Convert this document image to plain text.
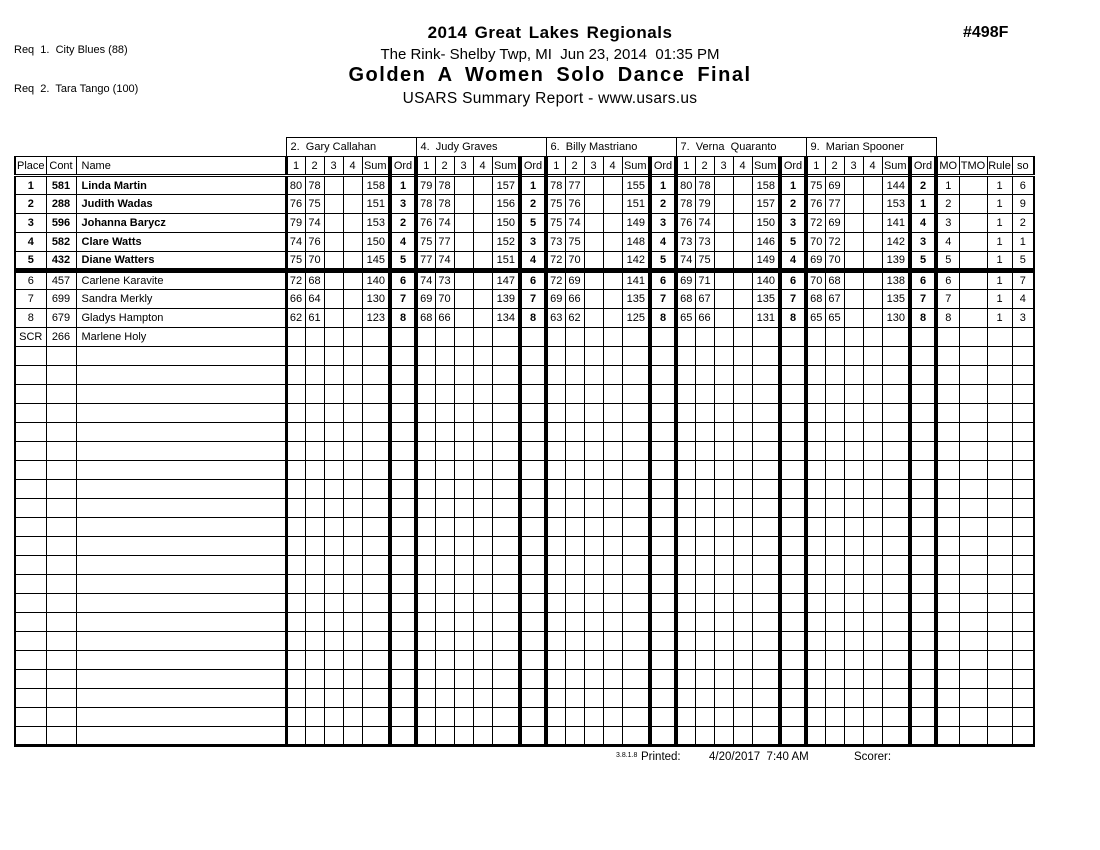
Req  1.  City Blues (88)

Req  2.  Tara Tango (100)

2014 Great Lakes Regionals
The Rink- Shelby Twp, MI  Jun 23, 2014  01:35 PM
Golden A Women Solo Dance Final
USARS Summary Report - www.usars.us
#498F
			2.  Gary Callahan						4.  Judy Graves						6.  Billy Mastriano						7.  Verna  Quaranto						9.  Marian Spooner									
Place	Cont	Name	1	2	3	4	Sum	Ord	1	2	3	4	Sum	Ord	1	2	3	4	Sum	Ord	1	2	3	4	Sum	Ord	1	2	3	4	Sum	Ord	MO	TMO	Rule	so
1	581	Linda Martin	80	78			158	1	79	78			157	1	78	77			155	1	80	78			158	1	75	69			144	2	1		1	6
2	288	Judith Wadas	76	75			151	3	78	78			156	2	75	76			151	2	78	79			157	2	76	77			153	1	2		1	9
3	596	Johanna Barycz	79	74			153	2	76	74			150	5	75	74			149	3	76	74			150	3	72	69			141	4	3		1	2
4	582	Clare Watts	74	76			150	4	75	77			152	3	73	75			148	4	73	73			146	5	70	72			142	3	4		1	1
5	432	Diane Watters	75	70			145	5	77	74			151	4	72	70			142	5	74	75			149	4	69	70			139	5	5		1	5
6	457	Carlene Karavite	72	68			140	6	74	73			147	6	72	69			141	6	69	71			140	6	70	68			138	6	6		1	7
7	699	Sandra Merkly	66	64			130	7	69	70			139	7	69	66			135	7	68	67			135	7	68	67			135	7	7		1	4
8	679	Gladys Hampton	62	61			123	8	68	66			134	8	63	62			125	8	65	66			131	8	65	65			130	8	8		1	3
SCR	266	Marlene Holy																																		

3.8.1.8 Printed: 4/20/2017  7:40 AM	Scorer:
